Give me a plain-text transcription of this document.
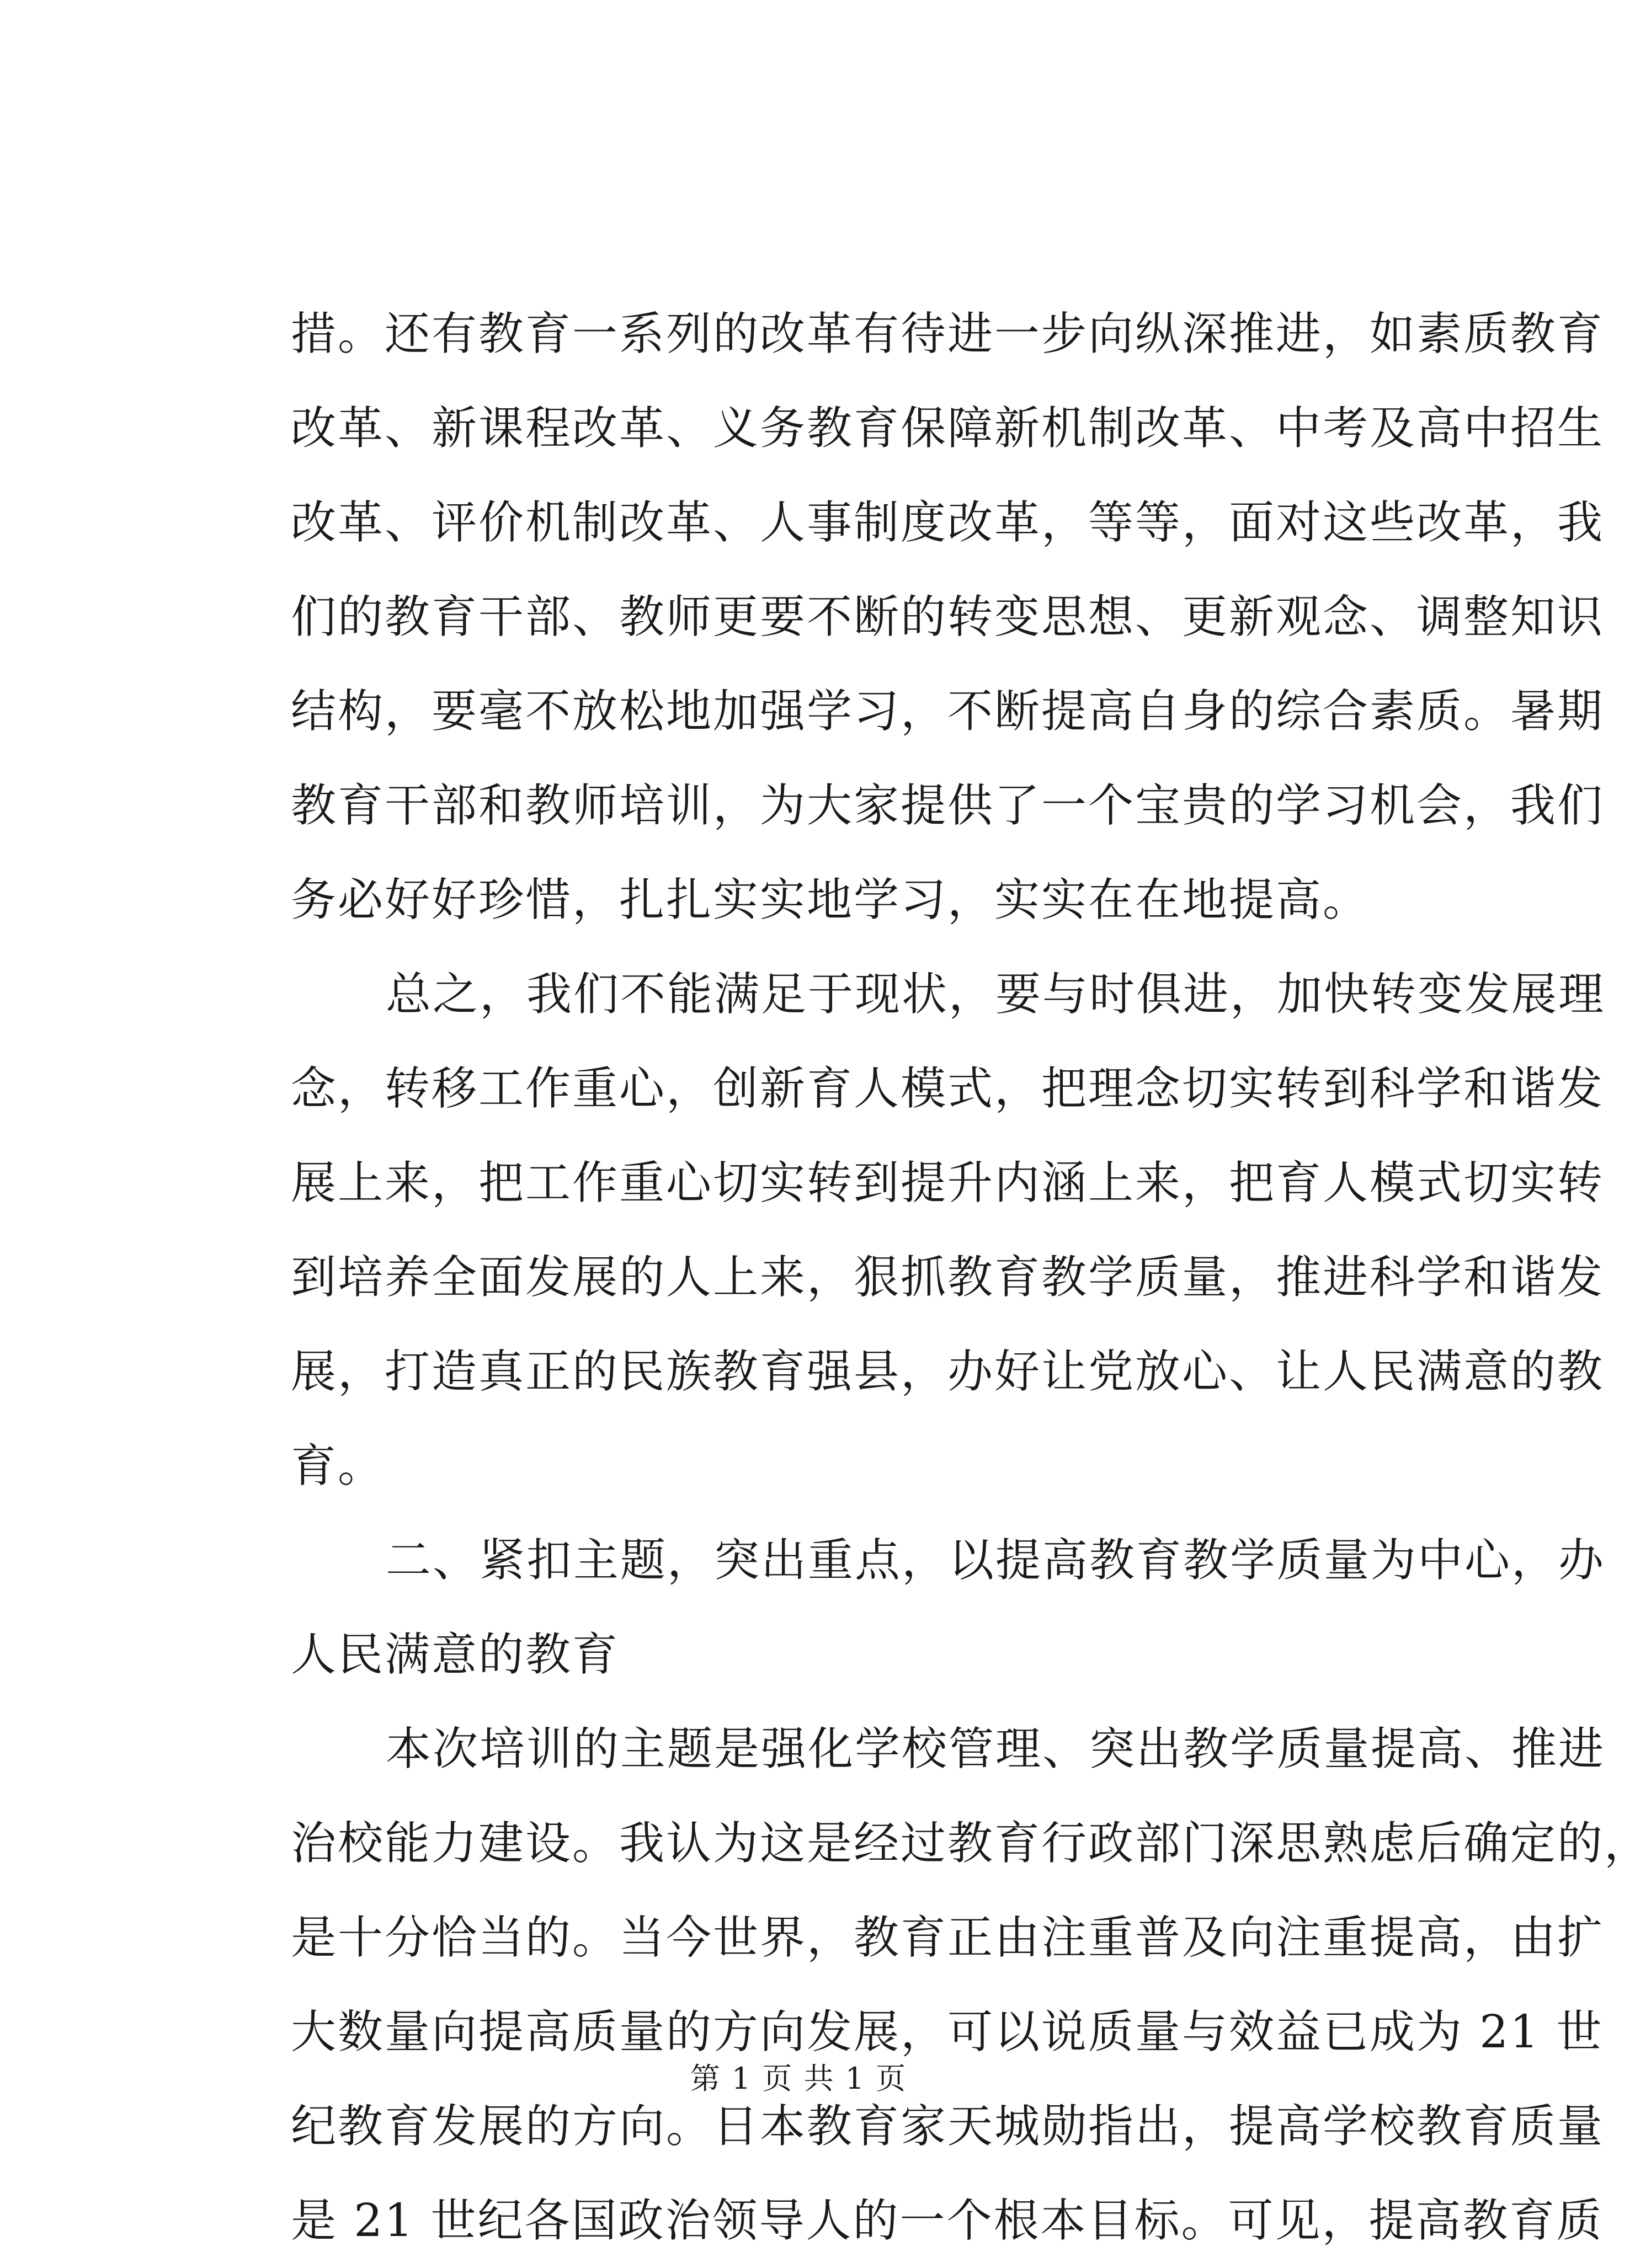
措。还有教育一系列的改革有待进一步向纵深推进，如素质教育
改革、新课程改革、义务教育保障新机制改革、中考及高中招生
改革、评价机制改革、人事制度改革，等等，面对这些改革，我
们的教育干部、教师更要不断的转变思想、更新观念、调整知识
结构，要毫不放松地加强学习，不断提高自身的综合素质。暑期
教育干部和教师培训，为大家提供了一个宝贵的学习机会，我们
务必好好珍惜，扎扎实实地学习，实实在在地提高。
总之，我们不能满足于现状，要与时俱进，加快转变发展理
念，转移工作重心，创新育人模式，把理念切实转到科学和谐发
展上来，把工作重心切实转到提升内涵上来，把育人模式切实转
到培养全面发展的人上来，狠抓教育教学质量，推进科学和谐发
展，打造真正的民族教育强县，办好让党放心、让人民满意的教
育。
二、紧扣主题，突出重点，以提高教育教学质量为中心，办
人民满意的教育
本次培训的主题是强化学校管理、突出教学质量提高、推进
治校能力建设。我认为这是经过教育行政部门深思熟虑后确定的，
是十分恰当的。当今世界，教育正由注重普及向注重提高，由扩
大数量向提高质量的方向发展，可以说质量与效益已成为 21 世
纪教育发展的方向。日本教育家天城勋指出，提高学校教育质量
是 21 世纪各国政治领导人的一个根本目标。可见，提高教育质
第 1 页 共 1 页
